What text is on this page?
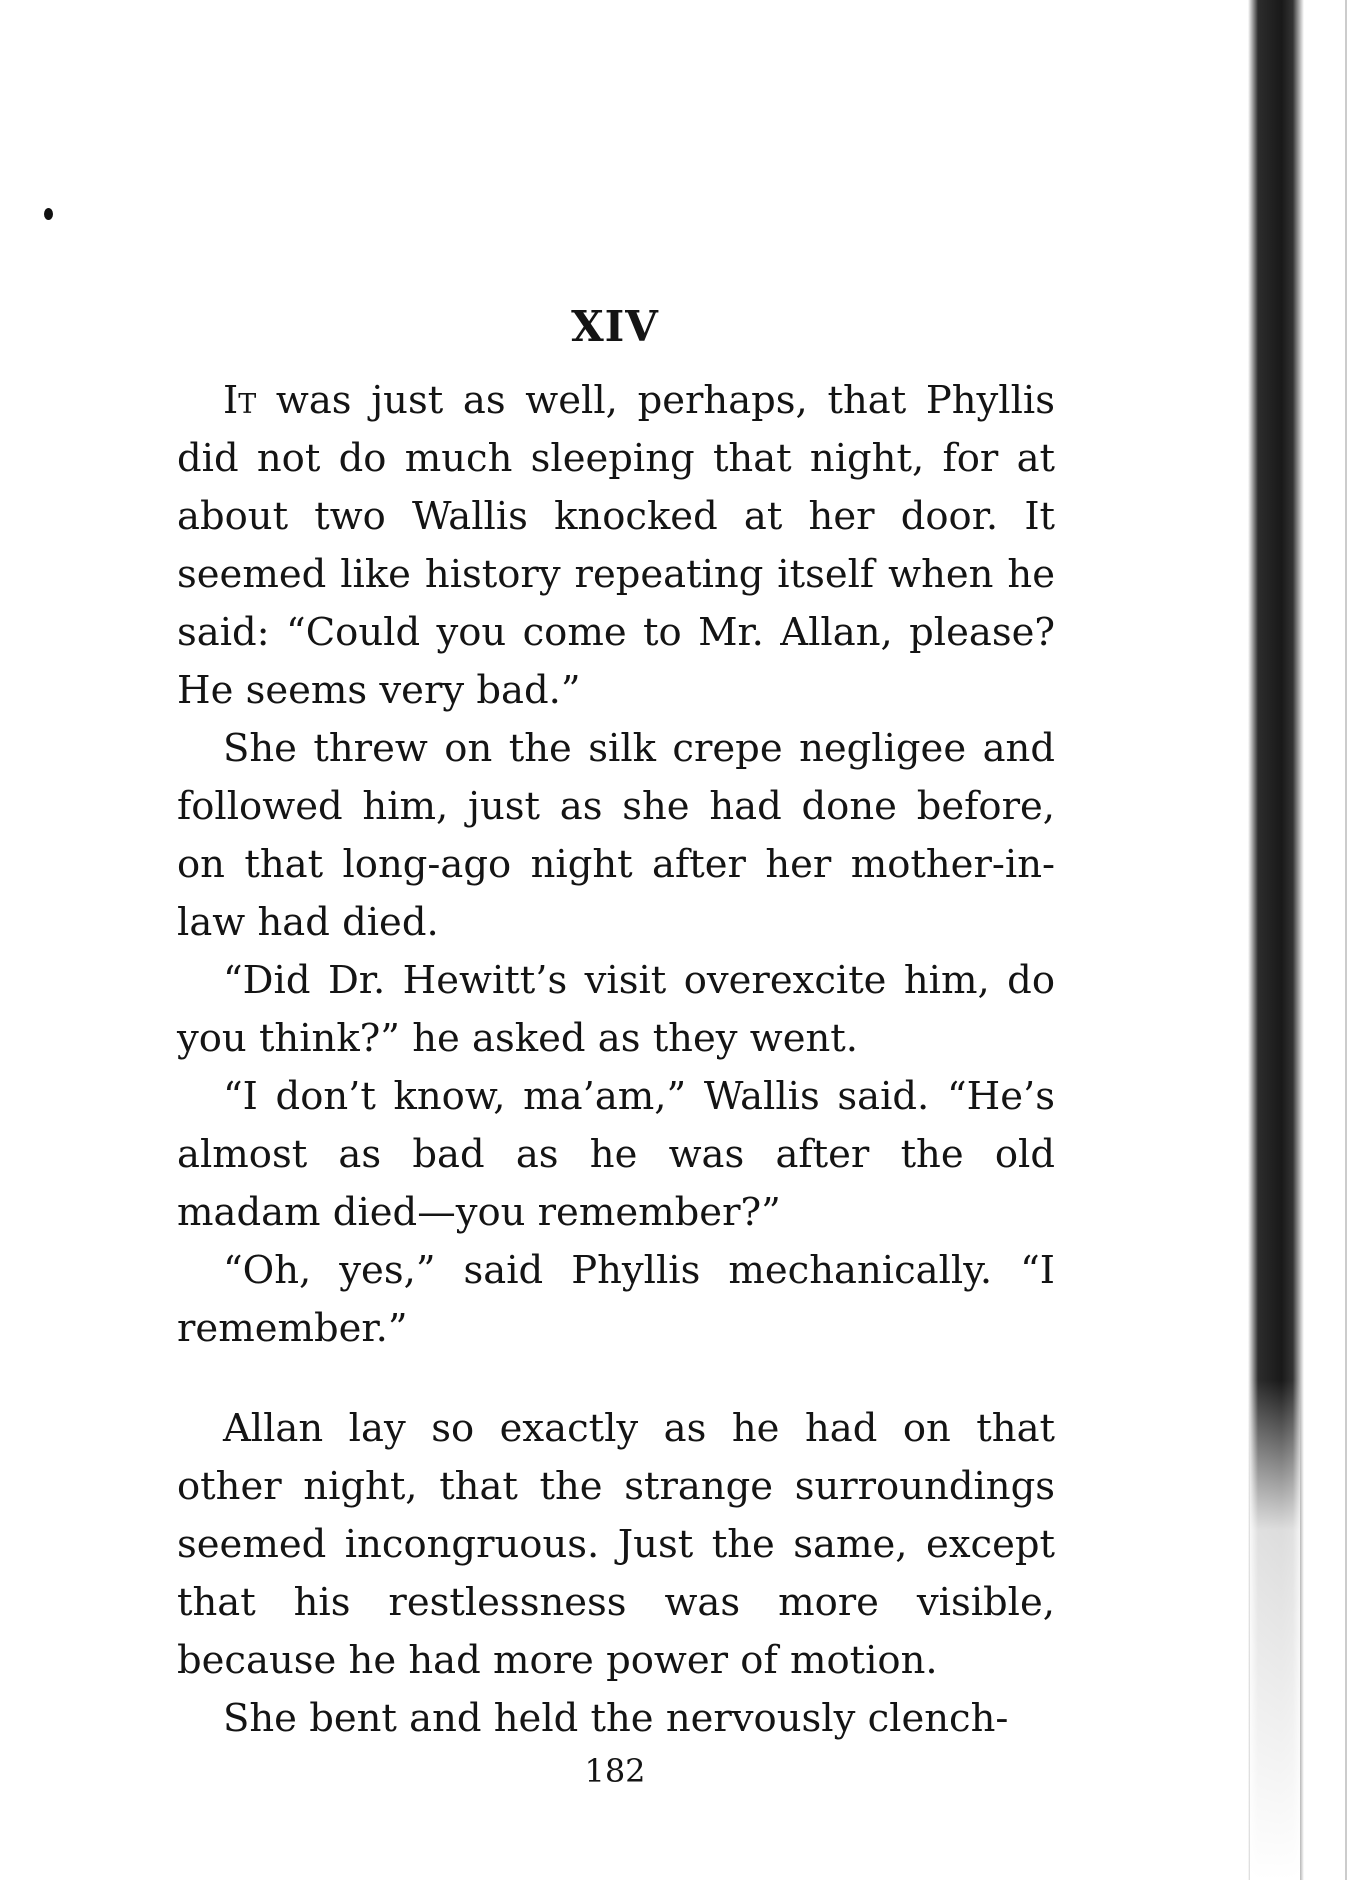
XIV

It was just as well, perhaps, that Phyllis did not do much sleeping that night, for at about two Wallis knocked at her door. It seemed like history repeating itself when he said: “Could you come to Mr. Allan, please? He seems very bad.”

She threw on the silk crepe negligee and followed him, just as she had done before, on that long-ago night after her mother-in-law had died.

“Did Dr. Hewitt’s visit overexcite him, do you think?” he asked as they went.

“I don’t know, ma’am,” Wallis said. “He’s almost as bad as he was after the old madam died—you remember?”

“Oh, yes,” said Phyllis mechanically. “I remember.”

Allan lay so exactly as he had on that other night, that the strange surroundings seemed incongruous. Just the same, except that his restlessness was more visible, because he had more power of motion.

She bent and held the nervously clench-

182
